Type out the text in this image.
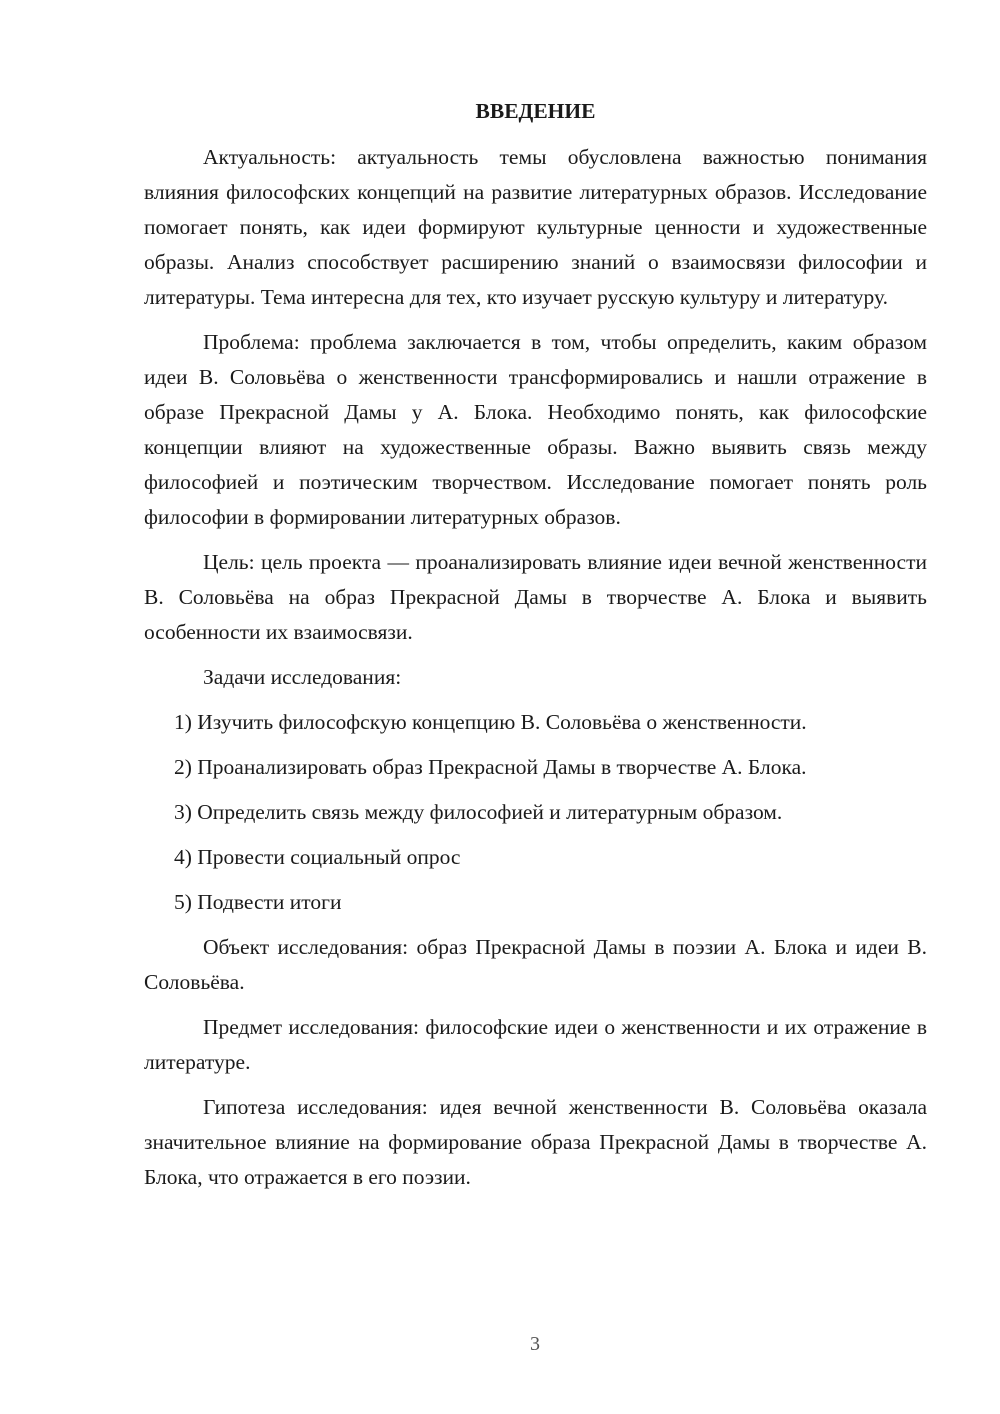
ВВЕДЕНИЕ

Актуальность: актуальность темы обусловлена важностью понимания влияния философских концепций на развитие литературных образов. Исследование помогает понять, как идеи формируют культурные ценности и художественные образы. Анализ способствует расширению знаний о взаимосвязи философии и литературы. Тема интересна для тех, кто изучает русскую культуру и литературу.

Проблема: проблема заключается в том, чтобы определить, каким образом идеи В. Соловьёва о женственности трансформировались и нашли отражение в образе Прекрасной Дамы у А. Блока. Необходимо понять, как философские концепции влияют на художественные образы. Важно выявить связь между философией и поэтическим творчеством. Исследование помогает понять роль философии в формировании литературных образов.

Цель: цель проекта — проанализировать влияние идеи вечной женственности В. Соловьёва на образ Прекрасной Дамы в творчестве А. Блока и выявить особенности их взаимосвязи.

Задачи исследования:

1) Изучить философскую концепцию В. Соловьёва о женственности.
2) Проанализировать образ Прекрасной Дамы в творчестве А. Блока.
3) Определить связь между философией и литературным образом.
4) Провести социальный опрос
5) Подвести итоги

Объект исследования: образ Прекрасной Дамы в поэзии А. Блока и идеи В. Соловьёва.

Предмет исследования: философские идеи о женственности и их отражение в литературе.

Гипотеза исследования: идея вечной женственности В. Соловьёва оказала значительное влияние на формирование образа Прекрасной Дамы в творчестве А. Блока, что отражается в его поэзии.

3
